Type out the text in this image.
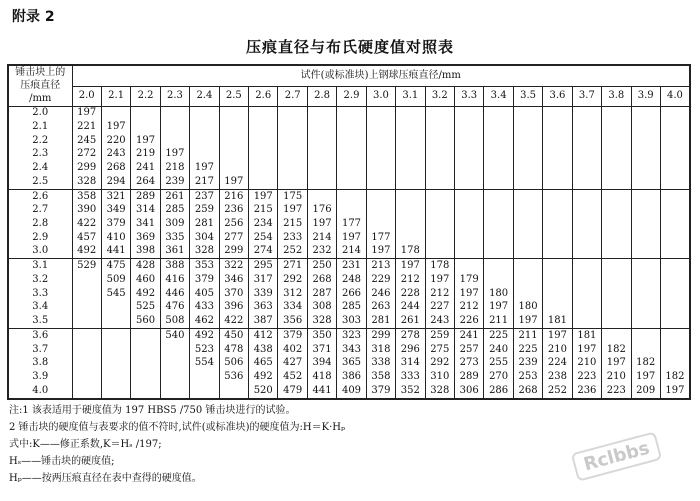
附录 2
压痕直径与布氏硬度值对照表
锤击块上的
压痕直径
/mm	试件(或标准块)上钢球压痕直径/mm																				
	2.0	2.1	2.2	2.3	2.4	2.5	2.6	2.7	2.8	2.9	3.0	3.1	3.2	3.3	3.4	3.5	3.6	3.7	3.8	3.9	4.0
2.0	197																				
2.1	221	197																			
2.2	245	220	197																		
2.3	272	243	219	197																	
2.4	299	268	241	218	197																
2.5	328	294	264	239	217	197															
2.6	358	321	289	261	237	216	197	175													
2.7	390	349	314	285	259	236	215	197	176												
2.8	422	379	341	309	281	256	234	215	197	177											
2.9	457	410	369	335	304	277	254	233	214	197	177										
3.0	492	441	398	361	328	299	274	252	232	214	197	178									
3.1	529	475	428	388	353	322	295	271	250	231	213	197	178								
3.2		509	460	416	379	346	317	292	268	248	229	212	197	179							
3.3		545	492	446	405	370	339	312	287	266	246	228	212	197	180						
3.4			525	476	433	396	363	334	308	285	263	244	227	212	197	180					
3.5			560	508	462	422	387	356	328	303	281	261	243	226	211	197	181				
3.6				540	492	450	412	379	350	323	299	278	259	241	225	211	197	181			
3.7					523	478	438	402	371	343	318	296	275	257	240	225	210	197	182		
3.8					554	506	465	427	394	365	338	314	292	273	255	239	224	210	197	182	
3.9						536	492	452	418	386	358	333	310	289	270	253	238	223	210	197	182
4.0							520	479	441	409	379	352	328	306	286	268	252	236	223	209	197
注:1 该表适用于硬度值为 197 HBS5 /750 锤击块进行的试验。
2 锤击块的硬度值与表要求的值不符时,试件(或标准块)的硬度值为:H＝K·Hₚ
式中:K——修正系数,K＝Hₛ /197;
Hₛ——锤击块的硬度值;
Hₚ——按两压痕直径在表中查得的硬度值。
Rclbbs
